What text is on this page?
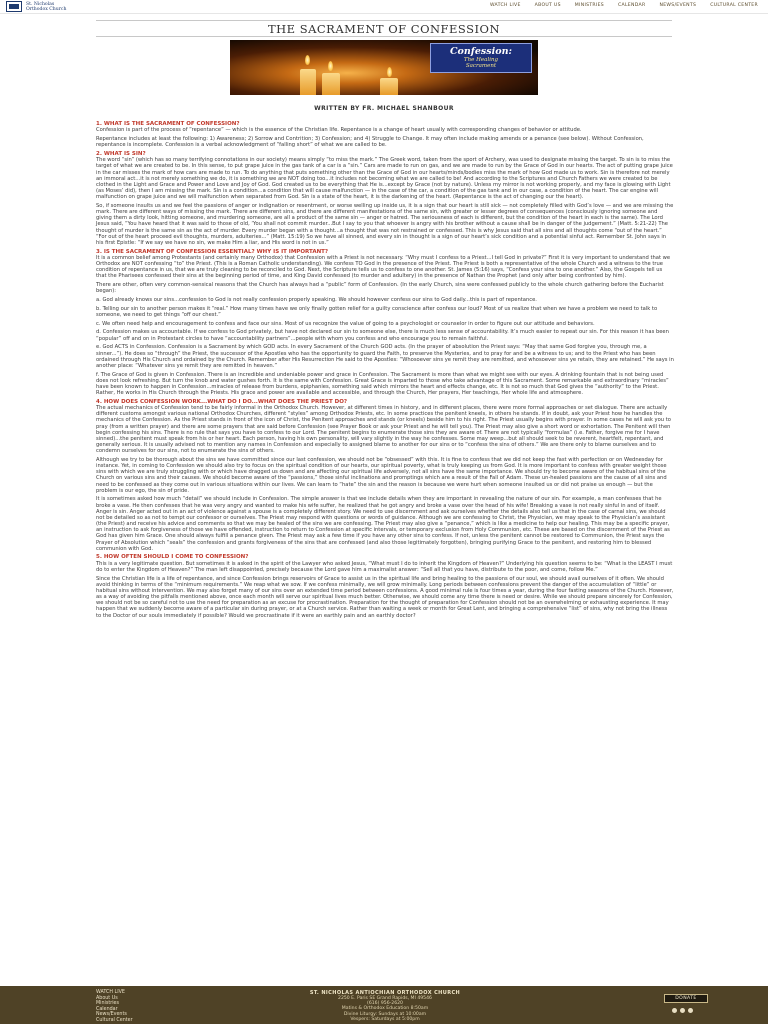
St. Nicholas
Orthodox Church
WATCH LIVE	ABOUT US	MINISTRIES	CALENDAR	NEWS/EVENTS	CULTURAL CENTER
THE SACRAMENT OF CONFESSION
Confession:
The Healing
Sacrament
WRITTEN BY FR. MICHAEL SHANBOUR
1. WHAT IS THE SACRAMENT OF CONFESSION?

Confession is part of the process of “repentance” — which is the essence of the Christian life. Repentance is a change of heart usually with corresponding changes of behavior or attitude.

Repentance includes at least the following: 1) Awareness; 2) Sorrow and Contrition; 3) Confession; and 4) Struggle to Change. It may often include making amends or a penance (see below). Without Confession, repentance is incomplete. Confession is a verbal acknowledgment of “falling short” of what we are called to be.

2. WHAT IS SIN?

The word “sin” (which has so many terrifying connotations in our society) means simply “to miss the mark.” The Greek word, taken from the sport of Archery, was used to designate missing the target. To sin is to miss the target of what we are created to be. In this sense, to put grape juice in the gas tank of a car is a “sin.” Cars are made to run on gas, and we are made to run by the Grace of God in our hearts. The act of putting grape juice in the car misses the mark of how cars are made to run. To do anything that puts something other than the Grace of God in our hearts/minds/bodies miss the mark of how God made us to work. Sin is therefore not merely an immoral act...it is not merely something we do, it is something we are NOT doing too...it includes not becoming what we are called to be! And according to the Scriptures and Church Fathers we were created to be clothed in the Light and Grace and Power and Love and Joy of God. God created us to be everything that He is...except by Grace (not by nature). Unless my mirror is not working properly, and my face is glowing with Light (as Moses’ did), then I am missing the mark. Sin is a condition...a condition that will cause malfunction — in the case of the car, a condition of the gas tank and in our case, a condition of the heart. The car engine will malfunction on grape juice and we will malfunction when separated from God. Sin is a state of the heart, it is the darkening of the heart. (Repentance is the act of changing our the heart).

So, if someone insults us and we feel the passions of anger or indignation or resentment, or worse welling up inside us, it is a sign that our heart is still sick — not completely filled with God’s love — and we are missing the mark. There are different ways of missing the mark. There are different sins, and there are different manifestations of the same sin, with greater or lesser degrees of consequences (consciously ignoring someone and giving them a dirty look, hitting someone, and murdering someone, are all a product of the same sin — anger or hatred. The seriousness of each is different, but the condition of the heart in each is the same). The Lord Jesus said, “You have heard that it was said to those of old, ‘You shall not commit murder...But I say to you that whoever is angry with his brother without a cause shall be in danger of the judgement.” (Matt. 5:21-22) The thought of murder is the same sin as the act of murder. Every murder began with a thought...a thought that was not restrained or confessed. This is why Jesus said that all sins and all thoughts come “out of the heart.” “For out of the heart proceed evil thoughts, murders, adulteries...” (Matt. 15:19) So we have all sinned, and every sin in thought is a sign of our heart’s sick condition and a potential sinful act. Remember St. John says in his first Epistle: “If we say we have no sin, we make Him a liar, and His word is not in us.”

3. IS THE SACRAMENT OF CONFESSION ESSENTIAL? WHY IS IT IMPORTANT?

It is a common belief among Protestants (and certainly many Orthodox) that Confession with a Priest is not necessary. “Why must I confess to a Priest...I tell God in private?” First it is very important to understand that we Orthodox are NOT confessing “to” the Priest. (This is a Roman Catholic understanding). We confess TO God in the presence of the Priest. The Priest is both a representative of the whole Church and a witness to the true condition of repentance in us, that we are truly cleaning to be reconciled to God. Next, the Scripture tells us to confess to one another. St. James (5:16) says, “Confess your sins to one another.” Also, the Gospels tell us that the Pharisees confessed their sins at the beginning period of time, and King David confessed (to murder and adultery) in the presence of Nathan the Prophet (and only after being confronted by him).

There are other, often very common-sensical reasons that the Church has always had a “public” form of Confession. (In the early Church, sins were confessed publicly to the whole church gathering before the Eucharist began):

a. God already knows our sins...confession to God is not really confession properly speaking. We should however confess our sins to God daily...this is part of repentance.

b. Telling our sin to another person makes it “real.” How many times have we only finally gotten relief for a guilty conscience after confess our loud? Most of us realize that when we have a problem we need to talk to someone, we need to get things “off our chest.”

c. We often need help and encouragement to confess and face our sins. Most of us recognize the value of going to a psychologist or counselor in order to figure out our attitude and behaviors.

d. Confession makes us accountable. If we confess to God privately, but have not declared our sin to someone else, there is much less sense of accountability. It’s much easier to repeat our sin. For this reason it has been “popular” off and on in Protestant circles to have “accountability partners”...people with whom you confess and who encourage you to remain faithful.

e. God ACTS in Confession. Confession is a Sacrament by which GOD acts. In every Sacrament of the Church GOD acts. (In the prayer of absolution the Priest says: “May that same God forgive you, through me, a sinner...”). He does so “through” the Priest, the successor of the Apostles who has the opportunity to guard the Faith, to preserve the Mysteries, and to pray for and be a witness to us; and to the Priest who has been ordained through His Church and ordained by the Church. Remember after His Resurrection He said to the Apostles: “Whosoever sins ye remit they are remitted, and whosoever sins ye retain, they are retained.” He says in another place: “Whatever sins ye remit they are remitted in heaven.”

f. The Grace of God is given in Confession. There is an incredible and undeniable power and grace in Confession. The Sacrament is more than what we might see with our eyes. A drinking fountain that is not being used does not look refreshing. But turn the knob and water gushes forth. It is the same with Confession. Great Grace is imparted to those who take advantage of this Sacrament. Some remarkable and extraordinary “miracles” have been known to happen in Confession...miracles of release from burdens, epiphanies, something said which mirrors the heart and effects change, etc. It is not so much that God gives the “authority” to the Priest. Rather, He works in His Church through the Priests. His grace and power are available and accessible, and through the Church, Her prayers, Her teachings, Her whole life and atmosphere.

4. HOW DOES CONFESSION WORK...WHAT DO I DO...WHAT DOES THE PRIEST DO?

The actual mechanics of Confession tend to be fairly informal in the Orthodox Church. However, at different times in history, and in different places, there were more formal approaches or set dialogue. There are actually different customs amongst various national Orthodox Churches, different “styles” among Orthodox Priests, etc. In some practices the penitent kneels, in others he stands. If in doubt, ask your Priest how he handles the mechanics of the Confession. As the Priest stands in front of the icon of Christ, the Penitent approaches and stands (or kneels) beside him to his right. The Priest usually begins with prayer. In some cases he will ask you to pray (from a written prayer) and there are some prayers that are said before Confession (see Prayer Book or ask your Priest and he will tell you). The Priest may also give a short word or exhortation. The Penitent will then begin confessing his sins. There is no rule that says you have to confess to our Lord. The penitent begins to enumerate those sins they are aware of. There are not typically “formulas” (i.e. Father, forgive me for I have sinned)...the penitent must speak from his or her heart. Each person, having his own personality, will vary slightly in the way he confesses. Some may weep...but all should seek to be reverent, heartfelt, repentant, and generally serious. It is usually advised not to mention any names in Confession and especially to assigned blame to another for our sins or to “confess the sins of others.” We are there only to blame ourselves and to condemn ourselves for our sins, not to enumerate the sins of others.

Although we try to be thorough about the sins we have committed since our last confession, we should not be “obsessed” with this. It is fine to confess that we did not keep the fast with perfection or on Wednesday for instance. Yet, in coming to Confession we should also try to focus on the spiritual condition of our hearts, our spiritual poverty, what is truly keeping us from God. It is more important to confess with greater weight those sins with which we are truly struggling with or which have dragged us down and are affecting our spiritual life adversely, not all sins have the same importance. We should try to become aware of the habitual sins of the Church on various sins and their causes. We should become aware of the “passions,” those sinful inclinations and promptings which are a result of the Fall of Adam. These un-healed passions are the cause of all sins and need to be confessed as they come out in various situations within our lives. We can learn to “hate” the sin and the reason is because we were hurt when someone insulted us or did not praise us enough — but the problem is our ego, the sin of pride.

It is sometimes asked how much “detail” we should include in Confession. The simple answer is that we include details when they are important in revealing the nature of our sin. For example, a man confesses that he broke a vase. He then confesses that he was very angry and wanted to make his wife suffer, he realized that he got angry and broke a vase over the head of his wife! Breaking a vase is not really sinful in and of itself. Anger is sin. Anger acted out in an act of violence against a spouse is a completely different story. We need to use discernment and ask ourselves whether the details also tell us that in the case of carnal sins, we should not be detailed so as not to tempt our confessor or ourselves. The Priest may respond with questions or words of guidance. Although we are confessing to Christ, the Physician, we may speak to the Physician’s assistant (the Priest) and receive his advice and comments so that we may be healed of the sins we are confessing. The Priest may also give a “penance,” which is like a medicine to help our healing. This may be a specific prayer, an instruction to ask forgiveness of those we have offended, instruction to return to Confession at specific intervals, or temporary exclusion from Holy Communion, etc. These are based on the discernment of the Priest as God has given him Grace. One should always fulfill a penance given. The Priest may ask a few time if you have any other sins to confess. If not, unless the penitent cannot be restored to Communion, the Priest says the Prayer of Absolution which “seals” the confession and grants forgiveness of the sins that are confessed (and also those legitimately forgotten), bringing purifying Grace to the penitent, and restoring him to blessed communion with God.

5. HOW OFTEN SHOULD I COME TO CONFESSION?

This is a very legitimate question. But sometimes it is asked in the spirit of the Lawyer who asked Jesus, “What must I do to inherit the Kingdom of Heaven?” Underlying his question seems to be: “What is the LEAST I must do to enter the Kingdom of Heaven?” The man left disappointed, precisely because the Lord gave him a maximalist answer: “Sell all that you have, distribute to the poor, and come, follow Me.”

Since the Christian life is a life of repentance, and since Confession brings reservoirs of Grace to assist us in the spiritual life and bring healing to the passions of our soul, we should avail ourselves of it often. We should avoid thinking in terms of the “minimum requirements.” We reap what we sow. If we confess minimally, we will grow minimally. Long periods between confessions prevent the danger of the accumulation of “little” or habitual sins without intervention. We may also forget many of our sins over an extended time period between confessions. A good minimal rule is four times a year, during the four fasting seasons of the Church. However, as a way of avoiding the pitfalls mentioned above, once each month will serve our spiritual lives much better. Otherwise, we should come any time there is need or desire. While we should prepare sincerely for Confession, we should not be so careful not to use the need for preparation as an excuse for procrastination. Preparation for the thought of preparation for Confession should not be an overwhelming or exhausting experience. It may happen that we suddenly become aware of a particular sin during prayer, or at a Church service. Rather than waiting a week or month for Great Lent, and bringing a comprehensive “list” of sins, why not bring the illness to the Doctor of our souls immediately if possible? Would we procrastinate if it were an earthly pain and an earthly doctor?

WATCH LIVE
About Us
Ministries
Calendar
News/Events
Cultural Center
ST. NICHOLAS ANTIOCHIAN ORTHODOX CHURCH
2250 E. Paris SE Grand Rapids, MI 49546
(616) 956-2620
Matins & Orthodox Education 8:50am
Divine Liturgy: Sundays at 10:00am
Vespers: Saturdays at 5:00pm
DONATE
